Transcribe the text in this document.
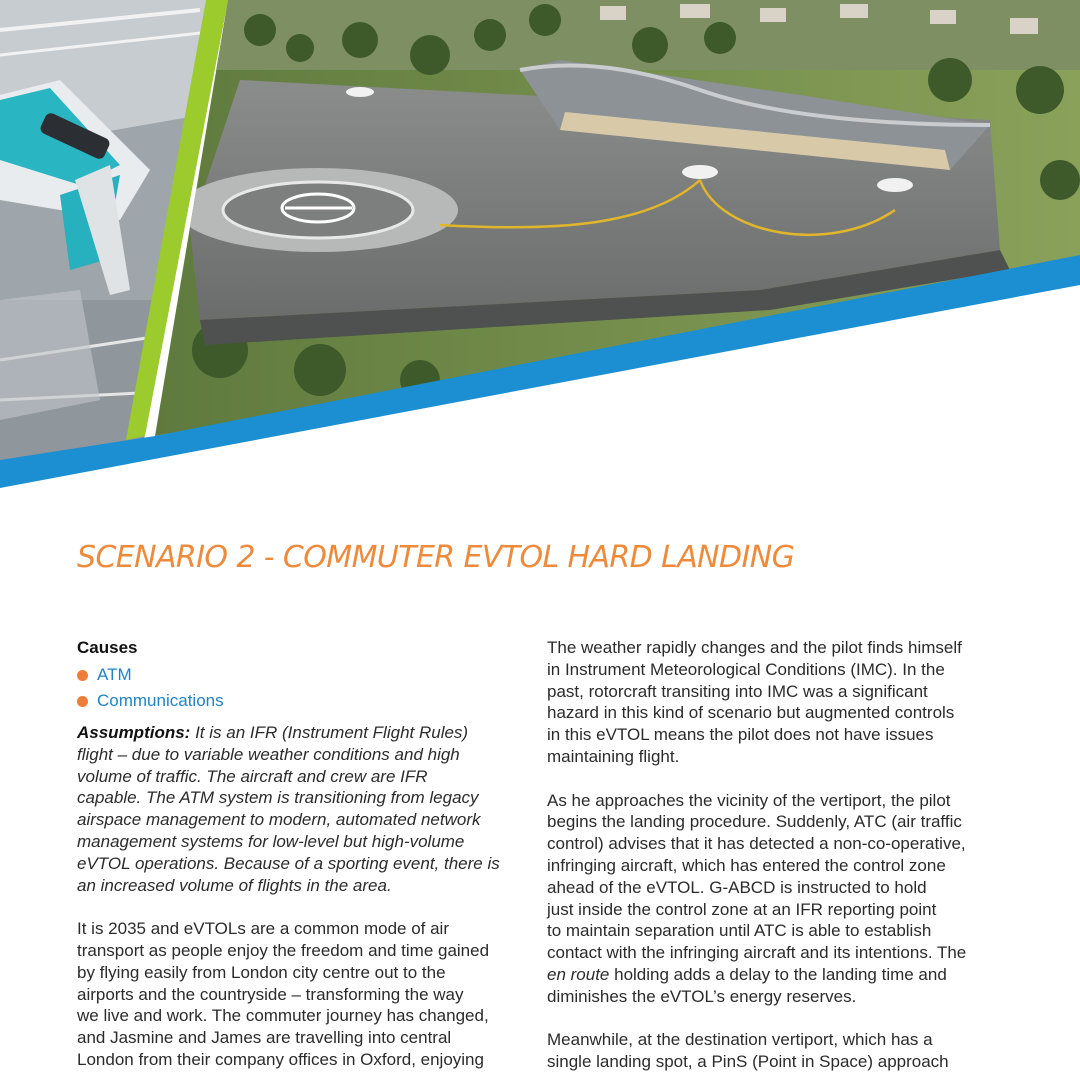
SCENARIO 2 - COMMUTER EVTOL HARD LANDING
Causes
ATM
Communications

Assumptions: It is an IFR (Instrument Flight Rules)
flight – due to variable weather conditions and high
volume of traffic. The aircraft and crew are IFR
capable. The ATM system is transitioning from legacy
airspace management to modern, automated network
management systems for low-level but high-volume
eVTOL operations. Because of a sporting event, there is
an increased volume of flights in the area.

It is 2035 and eVTOLs are a common mode of air
transport as people enjoy the freedom and time gained
by flying easily from London city centre out to the
airports and the countryside – transforming the way
we live and work. The commuter journey has changed,
and Jasmine and James are travelling into central
London from their company offices in Oxford, enjoying

The weather rapidly changes and the pilot finds himself
in Instrument Meteorological Conditions (IMC). In the
past, rotorcraft transiting into IMC was a significant
hazard in this kind of scenario but augmented controls
in this eVTOL means the pilot does not have issues
maintaining flight.

As he approaches the vicinity of the vertiport, the pilot
begins the landing procedure. Suddenly, ATC (air traffic
control) advises that it has detected a non-co-operative,
infringing aircraft, which has entered the control zone
ahead of the eVTOL. G-ABCD is instructed to hold
just inside the control zone at an IFR reporting point
to maintain separation until ATC is able to establish
contact with the infringing aircraft and its intentions. The
en route holding adds a delay to the landing time and
diminishes the eVTOL’s energy reserves.

Meanwhile, at the destination vertiport, which has a
single landing spot, a PinS (Point in Space) approach
